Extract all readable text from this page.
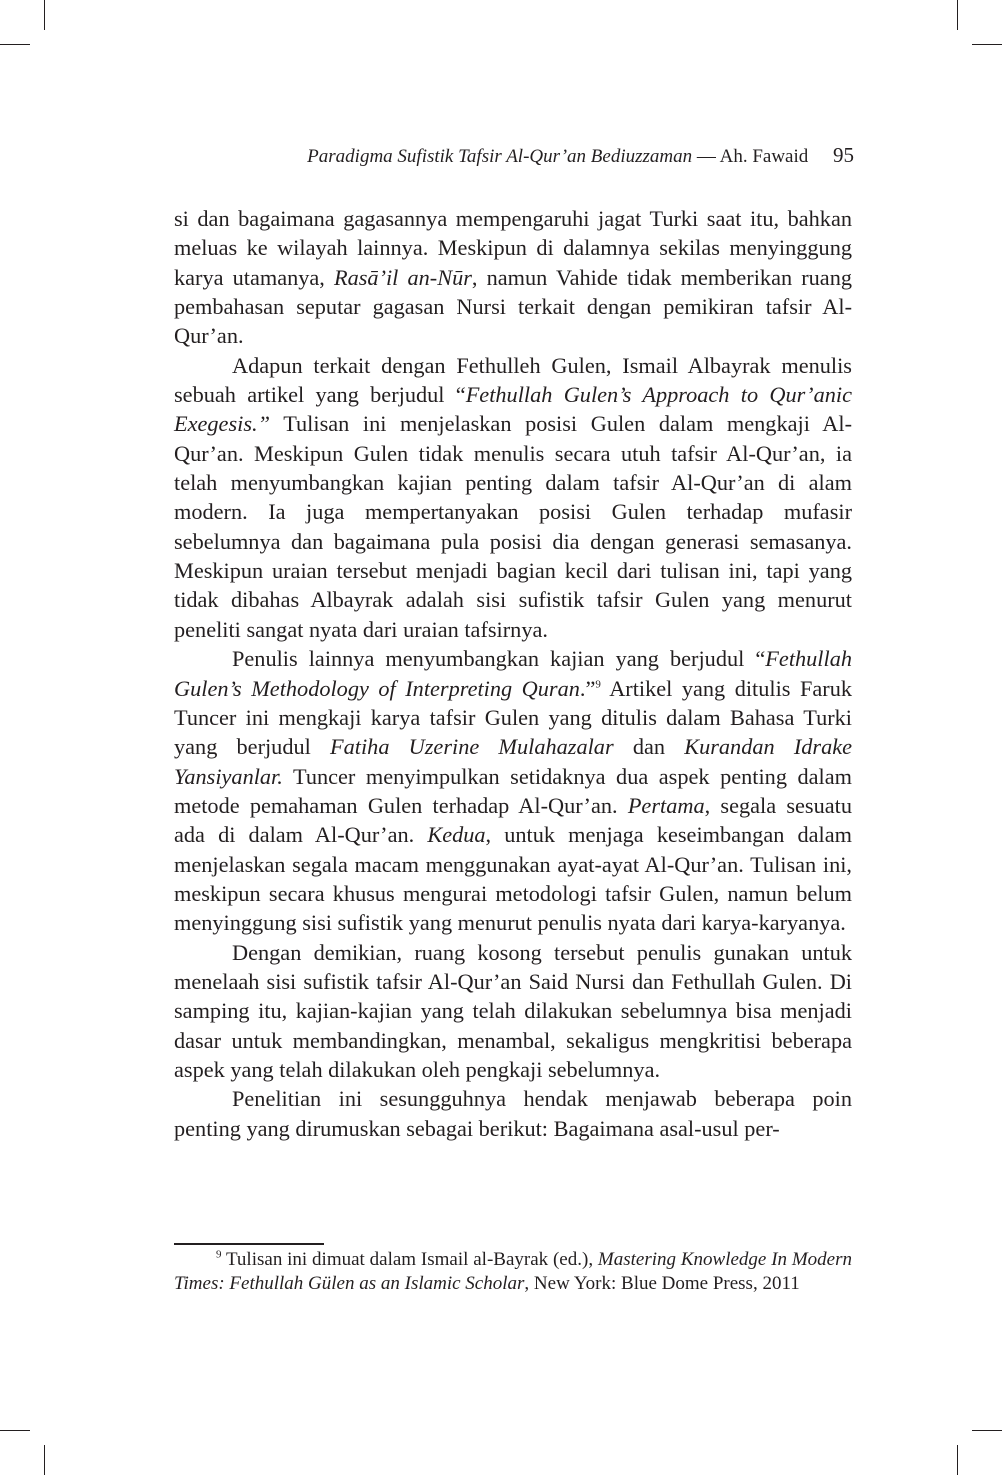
Paradigma Sufistik Tafsir Al-Qur’an Bediuzzaman — Ah. Fawaid 95

si dan bagaimana gagasannya mempengaruhi jagat Turki saat itu, bahkan meluas ke wilayah lainnya. Meskipun di dalamnya sekilas menyinggung karya utamanya, Rasā’il an-Nūr, namun Vahide tidak memberikan ruang pembahasan seputar gagasan Nursi terkait dengan pemikiran tafsir Al-Qur’an.

Adapun terkait dengan Fethulleh Gulen, Ismail Albayrak menulis sebuah artikel yang berjudul “Fethullah Gulen’s Approach to Qur’anic Exegesis.” Tulisan ini menjelaskan posisi Gulen dalam mengkaji Al-Qur’an. Meskipun Gulen tidak menulis secara utuh tafsir Al-Qur’an, ia telah menyumbangkan kajian penting dalam tafsir Al-Qur’an di alam modern. Ia juga mempertanyakan posisi Gulen terhadap mufasir sebelumnya dan bagaimana pula posisi dia dengan generasi semasanya. Meskipun uraian tersebut menjadi bagian kecil dari tulisan ini, tapi yang tidak dibahas Albayrak adalah sisi sufistik tafsir Gulen yang menurut peneliti sangat nyata dari uraian tafsirnya.

Penulis lainnya menyumbangkan kajian yang berjudul “Fethullah Gulen’s Methodology of Interpreting Quran.”$^9$ Artikel yang ditulis Faruk Tuncer ini mengkaji karya tafsir Gulen yang ditulis dalam Bahasa Turki yang berjudul Fatiha Uzerine Mulahazalar dan Kurandan Idrake Yansiyanlar. Tuncer menyimpulkan setidaknya dua aspek penting dalam metode pemahaman Gulen terhadap Al-Qur’an. Pertama, segala sesuatu ada di dalam Al-Qur’an. Kedua, untuk menjaga keseimbangan dalam menjelaskan segala macam menggunakan ayat-ayat Al-Qur’an. Tulisan ini, meskipun secara khusus mengurai metodologi tafsir Gulen, namun belum menyinggung sisi sufistik yang menurut penulis nyata dari karya-karyanya.

Dengan demikian, ruang kosong tersebut penulis gunakan untuk menelaah sisi sufistik tafsir Al-Qur’an Said Nursi dan Fethullah Gulen. Di samping itu, kajian-kajian yang telah dilakukan sebelumnya bisa menjadi dasar untuk membandingkan, menambal, sekaligus mengkritisi beberapa aspek yang telah dilakukan oleh pengkaji sebelumnya.

Penelitian ini sesungguhnya hendak menjawab beberapa poin penting yang dirumuskan sebagai berikut: Bagaimana asal-usul per-

$^9$ Tulisan ini dimuat dalam Ismail al-Bayrak (ed.), Mastering Knowledge In Modern Times: Fethullah Gülen as an Islamic Scholar, New York: Blue Dome Press, 2011
